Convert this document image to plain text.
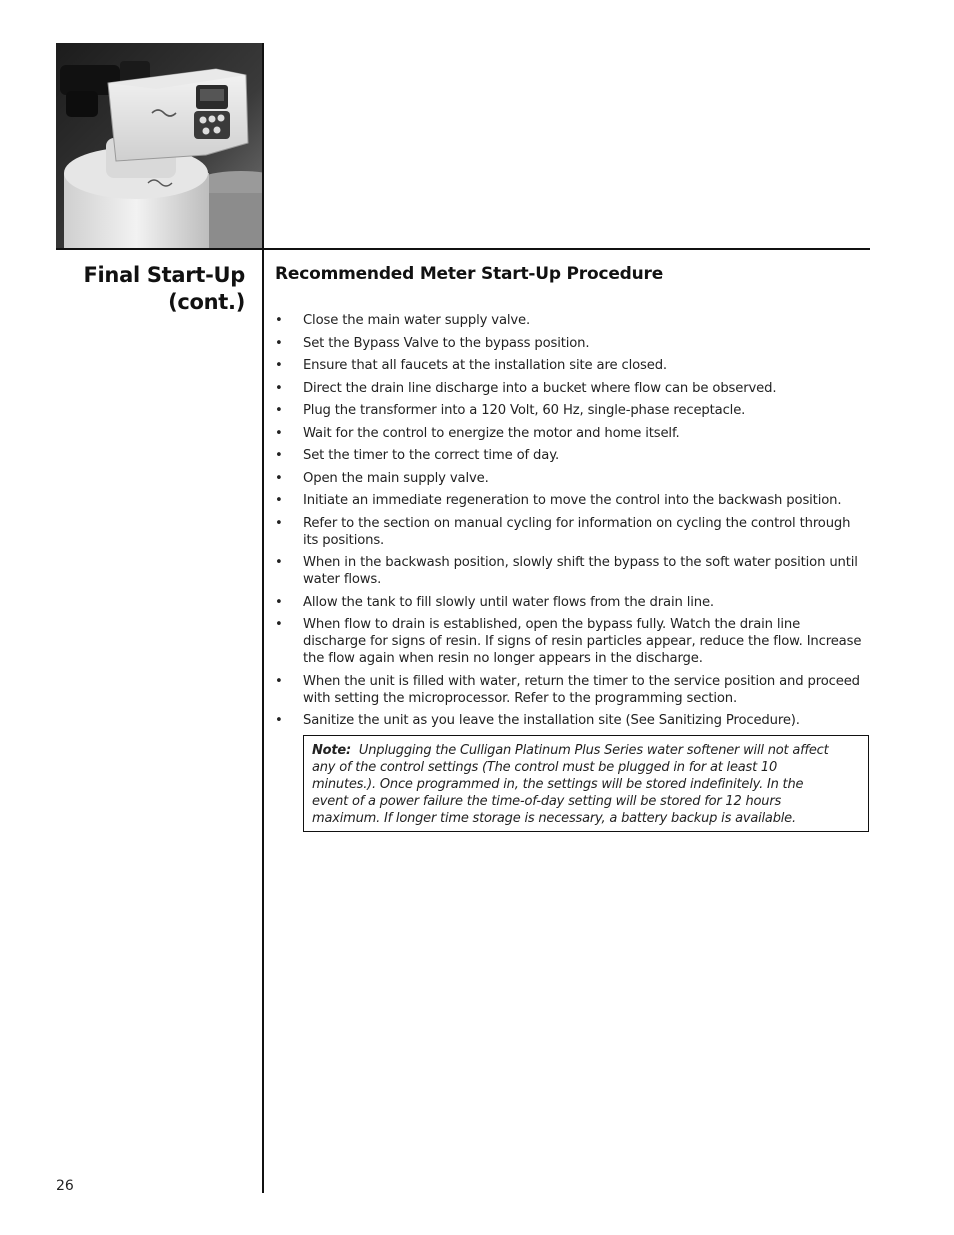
Final Start-Up
(cont.)
Recommended Meter Start-Up Procedure
• Close the main water supply valve.
• Set the Bypass Valve to the bypass position.
• Ensure that all faucets at the installation site are closed.
• Direct the drain line discharge into a bucket where flow can be observed.
• Plug the transformer into a 120 Volt, 60 Hz, single-phase receptacle.
• Wait for the control to energize the motor and home itself.
• Set the timer to the correct time of day.
• Open the main supply valve.
• Initiate an immediate regeneration to move the control into the backwash position.
• Refer to the section on manual cycling for information on cycling the control through its positions.
• When in the backwash position, slowly shift the bypass to the soft water position until water flows.
• Allow the tank to fill slowly until water flows from the drain line.
• When flow to drain is established, open the bypass fully. Watch the drain line discharge for signs of resin. If signs of resin particles appear, reduce the flow. Increase the flow again when resin no longer appears in the discharge.
• When the unit is filled with water, return the timer to the service position and proceed with setting the microprocessor. Refer to the programming section.
• Sanitize the unit as you leave the installation site (See Sanitizing Procedure).
Note: Unplugging the Culligan Platinum Plus Series water softener will not affect any of the control settings (The control must be plugged in for at least 10 minutes.). Once programmed in, the settings will be stored indefinitely. In the event of a power failure the time-of-day setting will be stored for 12 hours maximum. If longer time storage is necessary, a battery backup is available.
26
